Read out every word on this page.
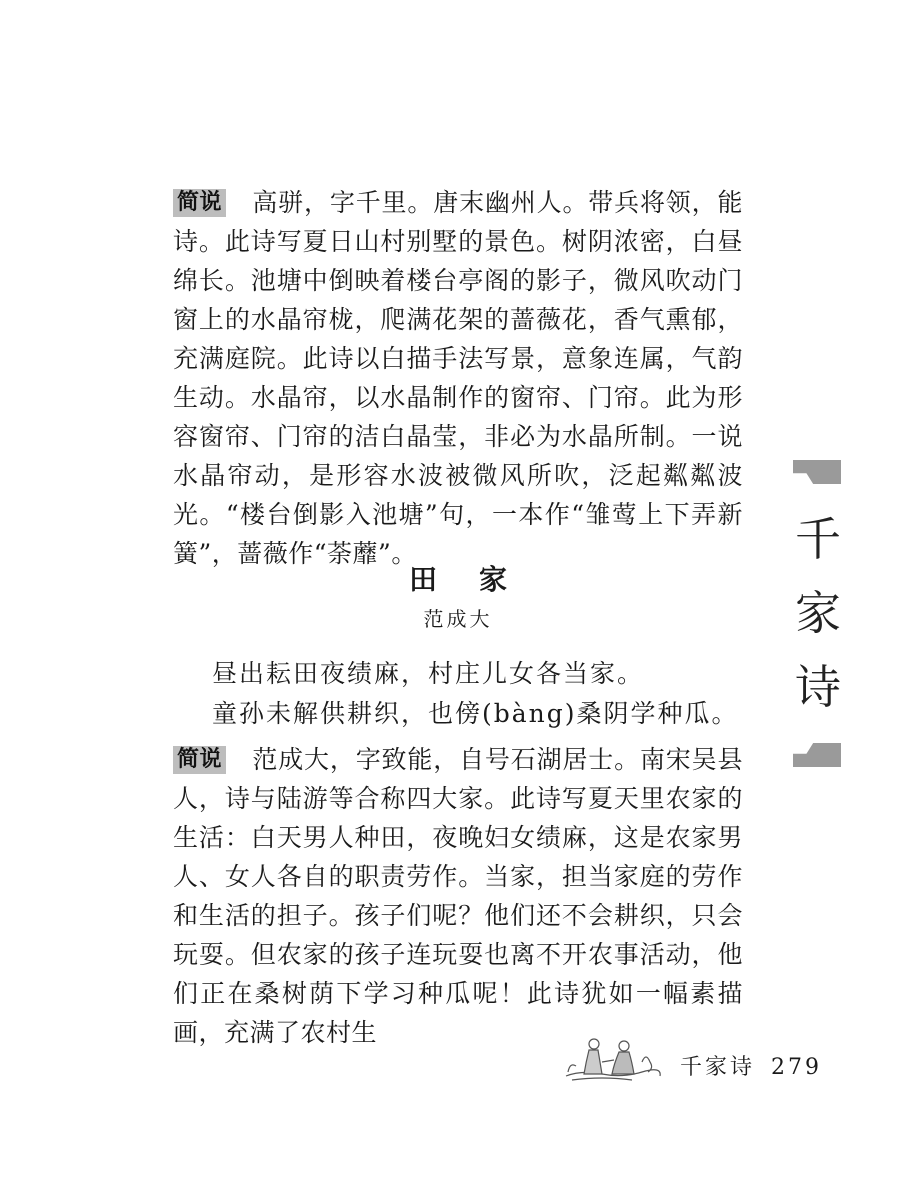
简说 高骈，字千里。唐末幽州人。带兵将领，能诗。此诗写夏日山村别墅的景色。树阴浓密，白昼绵长。池塘中倒映着楼台亭阁的影子，微风吹动门窗上的水晶帘栊，爬满花架的蔷薇花，香气熏郁，充满庭院。此诗以白描手法写景，意象连属，气韵生动。水晶帘，以水晶制作的窗帘、门帘。此为形容窗帘、门帘的洁白晶莹，非必为水晶所制。一说水晶帘动，是形容水波被微风所吹，泛起粼粼波光。“楼台倒影入池塘”句，一本作“雏莺上下弄新簧”，蔷薇作“荼蘼”。

田家

范成大

昼出耘田夜绩麻，村庄儿女各当家。
童孙未解供耕织，也傍(bàng)桑阴学种瓜。

简说 范成大，字致能，自号石湖居士。南宋吴县人，诗与陆游等合称四大家。此诗写夏天里农家的生活：白天男人种田，夜晚妇女绩麻，这是农家男人、女人各自的职责劳作。当家，担当家庭的劳作和生活的担子。孩子们呢？他们还不会耕织，只会玩耍。但农家的孩子连玩耍也离不开农事活动，他们正在桑树荫下学习种瓜呢！此诗犹如一幅素描画，充满了农村生

千
家
诗
千家诗 279
